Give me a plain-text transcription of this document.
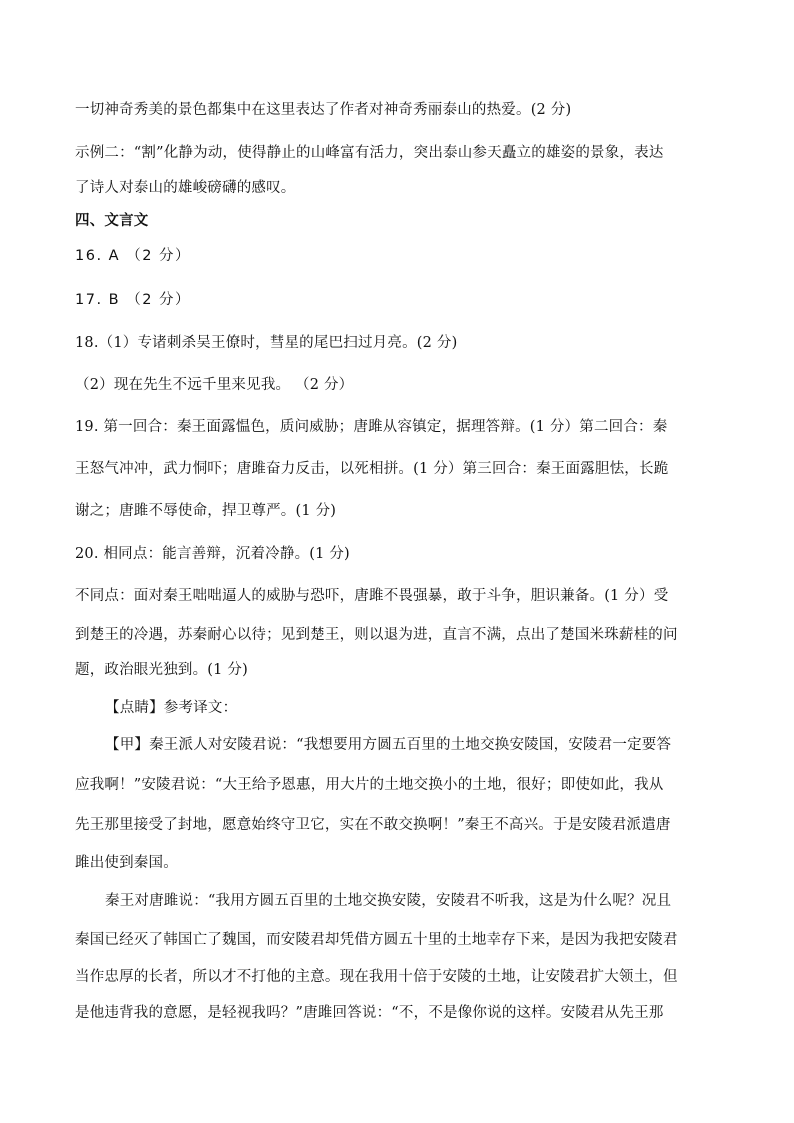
一切神奇秀美的景色都集中在这里表达了作者对神奇秀丽泰山的热爱。(2 分)
示例二：“割”化静为动，使得静止的山峰富有活力，突出泰山参天矗立的雄姿的景象，表达
了诗人对泰山的雄峻磅礴的感叹。
四、文言文
16. A （2 分）
17. B （2 分）
18.（1）专诸刺杀吴王僚时，彗星的尾巴扫过月亮。(2 分)
（2）现在先生不远千里来见我。 （2 分）
19. 第一回合：秦王面露愠色，质问威胁；唐雎从容镇定，据理答辩。(1 分）第二回合：秦
王怒气冲冲，武力恫吓；唐雎奋力反击，以死相拼。(1 分）第三回合：秦王面露胆怯，长跪
谢之；唐雎不辱使命，捍卫尊严。(1 分)
20. 相同点：能言善辩，沉着冷静。(1 分)
不同点：面对秦王咄咄逼人的威胁与恐吓，唐雎不畏强暴，敢于斗争，胆识兼备。(1 分）受
到楚王的冷遇，苏秦耐心以待；见到楚王，则以退为进，直言不满，点出了楚国米珠薪桂的问
题，政治眼光独到。(1 分)
【点睛】参考译文：
【甲】秦王派人对安陵君说：“我想要用方圆五百里的土地交换安陵国，安陵君一定要答
应我啊！”安陵君说：“大王给予恩惠，用大片的土地交换小的土地，很好；即使如此，我从
先王那里接受了封地，愿意始终守卫它，实在不敢交换啊！”秦王不高兴。于是安陵君派遣唐
雎出使到秦国。
秦王对唐雎说：“我用方圆五百里的土地交换安陵，安陵君不听我，这是为什么呢？况且
秦国已经灭了韩国亡了魏国，而安陵君却凭借方圆五十里的土地幸存下来，是因为我把安陵君
当作忠厚的长者，所以才不打他的主意。现在我用十倍于安陵的土地，让安陵君扩大领土，但
是他违背我的意愿，是轻视我吗？”唐雎回答说：“不，不是像你说的这样。安陵君从先王那
